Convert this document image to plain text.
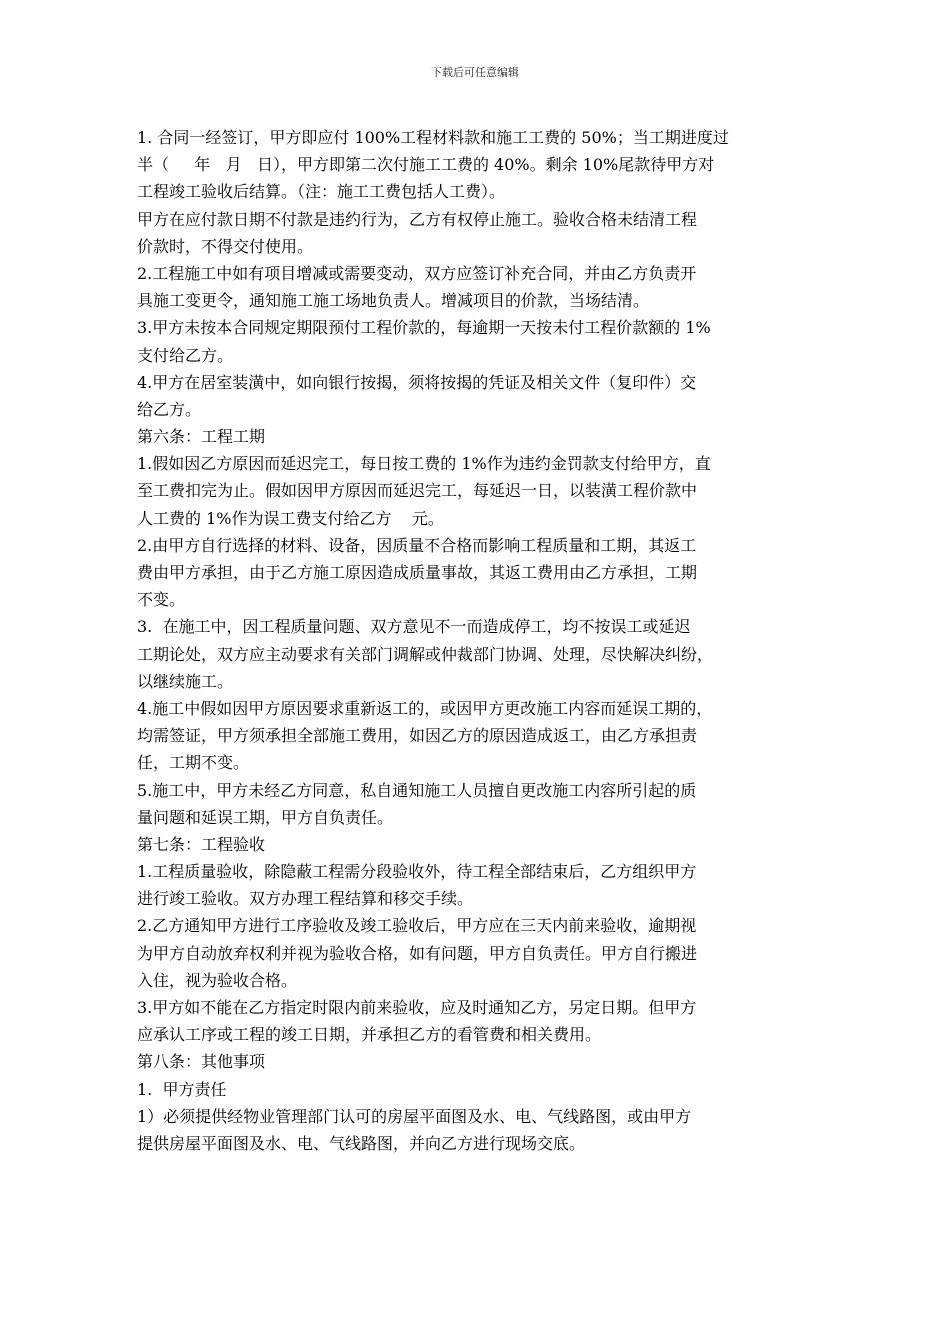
下载后可任意编辑
1. 合同一经签订，甲方即应付 100%工程材料款和施工工费的 50%；当工期进度过
半（     年   月   日），甲方即第二次付施工工费的 40%。剩余 10%尾款待甲方对
工程竣工验收后结算。（注：施工工费包括人工费）。
甲方在应付款日期不付款是违约行为，乙方有权停止施工。验收合格未结清工程
价款时，不得交付使用。
2.工程施工中如有项目增减或需要变动，双方应签订补充合同，并由乙方负责开
具施工变更令，通知施工施工场地负责人。增减项目的价款，当场结清。
3.甲方未按本合同规定期限预付工程价款的，每逾期一天按未付工程价款额的 1%
支付给乙方。
4.甲方在居室装潢中，如向银行按揭，须将按揭的凭证及相关文件（复印件）交
给乙方。
第六条：工程工期
1.假如因乙方原因而延迟完工，每日按工费的 1%作为违约金罚款支付给甲方，直
至工费扣完为止。假如因甲方原因而延迟完工，每延迟一日，以装潢工程价款中
人工费的 1%作为误工费支付给乙方    元。
2.由甲方自行选择的材料、设备，因质量不合格而影响工程质量和工期，其返工
费由甲方承担，由于乙方施工原因造成质量事故，其返工费用由乙方承担，工期
不变。
3.  在施工中，因工程质量问题、双方意见不一而造成停工，均不按误工或延迟
工期论处，双方应主动要求有关部门调解或仲裁部门协调、处理，尽快解决纠纷，
以继续施工。
4.施工中假如因甲方原因要求重新返工的，或因甲方更改施工内容而延误工期的，
均需签证，甲方须承担全部施工费用，如因乙方的原因造成返工，由乙方承担责
任，工期不变。
5.施工中，甲方未经乙方同意，私自通知施工人员擅自更改施工内容所引起的质
量问题和延误工期，甲方自负责任。
第七条：工程验收
1.工程质量验收，除隐蔽工程需分段验收外，待工程全部结束后，乙方组织甲方
进行竣工验收。双方办理工程结算和移交手续。
2.乙方通知甲方进行工序验收及竣工验收后，甲方应在三天内前来验收，逾期视
为甲方自动放弃权利并视为验收合格，如有问题，甲方自负责任。甲方自行搬进
入住，视为验收合格。
3.甲方如不能在乙方指定时限内前来验收，应及时通知乙方，另定日期。但甲方
应承认工序或工程的竣工日期，并承担乙方的看管费和相关费用。
第八条：其他事项
1.  甲方责任
1）必须提供经物业管理部门认可的房屋平面图及水、电、气线路图，或由甲方
提供房屋平面图及水、电、气线路图，并向乙方进行现场交底。
